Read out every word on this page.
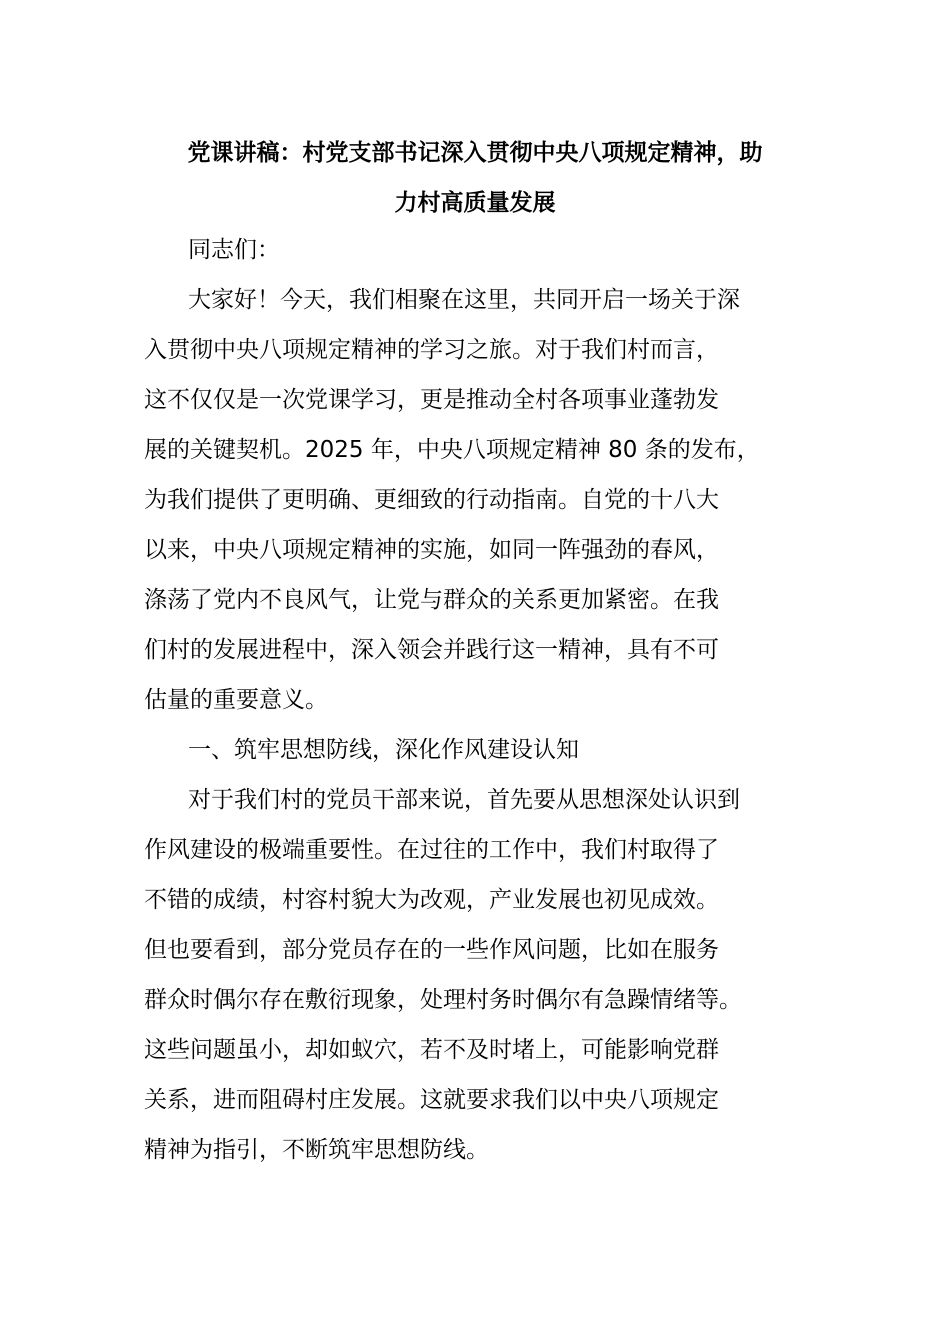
党课讲稿：村党支部书记深入贯彻中央八项规定精神，助
力村高质量发展
同志们：
大家好！今天，我们相聚在这里，共同开启一场关于深
入贯彻中央八项规定精神的学习之旅。对于我们村而言，
这不仅仅是一次党课学习，更是推动全村各项事业蓬勃发
展的关键契机。2025 年，中央八项规定精神 80 条的发布，
为我们提供了更明确、更细致的行动指南。自党的十八大
以来，中央八项规定精神的实施，如同一阵强劲的春风，
涤荡了党内不良风气，让党与群众的关系更加紧密。在我
们村的发展进程中，深入领会并践行这一精神，具有不可
估量的重要意义。
一、筑牢思想防线，深化作风建设认知
对于我们村的党员干部来说，首先要从思想深处认识到
作风建设的极端重要性。在过往的工作中，我们村取得了
不错的成绩，村容村貌大为改观，产业发展也初见成效。
但也要看到，部分党员存在的一些作风问题，比如在服务
群众时偶尔存在敷衍现象，处理村务时偶尔有急躁情绪等。
这些问题虽小，却如蚁穴，若不及时堵上，可能影响党群
关系，进而阻碍村庄发展。这就要求我们以中央八项规定
精神为指引，不断筑牢思想防线。
